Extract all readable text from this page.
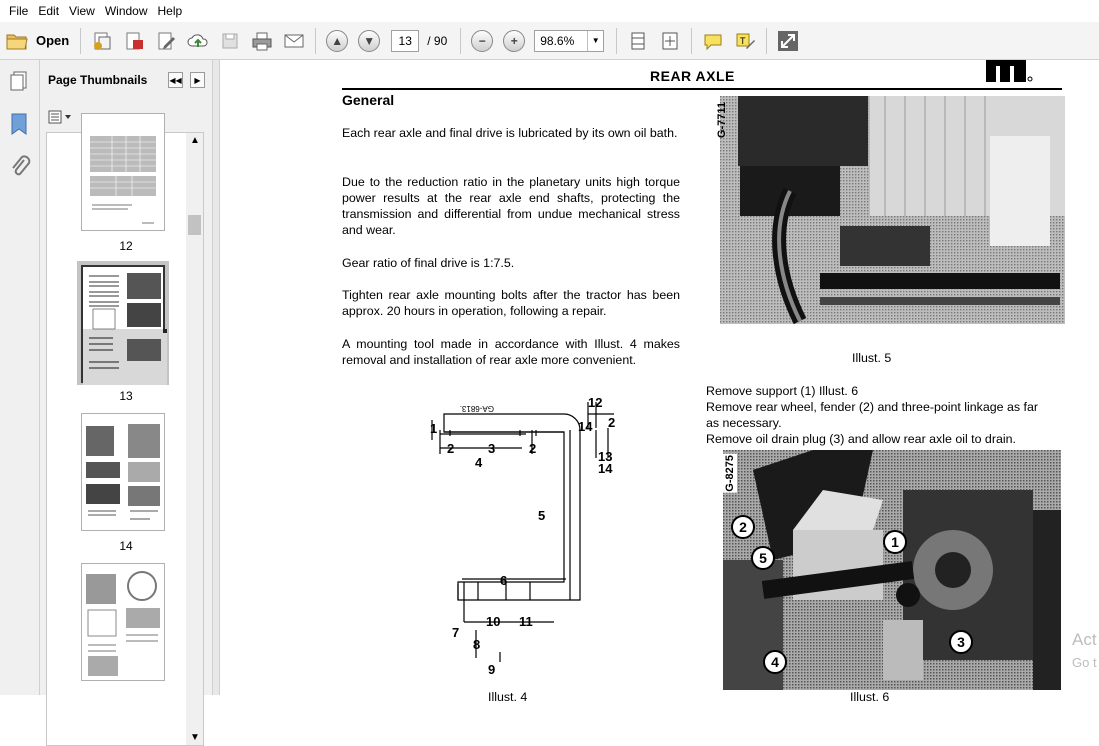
File Edit View Window Help
Open	▲	▼	13	/ 90	−	+	98.6%	▼	T
Page Thumbnails	◀◀	▶
12
13
14
▲
▼
REAR AXLE
General
Each rear axle and final drive is lubricated by its own oil bath.
Due to the reduction ratio in the planetary units high torque power results at the rear axle end shafts, protecting the transmission and differential from undue mechanical stress and wear.
Gear ratio of final drive is 1:7.5.
Tighten rear axle mounting bolts after the tractor has been approx. 20 hours in operation, following a repair.
A mounting tool made in accordance with Illust. 4 makes removal and installation of rear axle more convenient.
G-7711
Illust. 5
Remove support (1) Illust. 6
Remove rear wheel, fender (2) and three-point linkage as far as necessary.
Remove oil drain plug (3) and allow rear axle oil to drain.
G-8275
1
2
3
4
5
Illust. 6
GA-6813.
1
2	3	2
4
5
6
7
8
9
10 11
12
14 2
13
14
Illust. 4
Act
Go t
